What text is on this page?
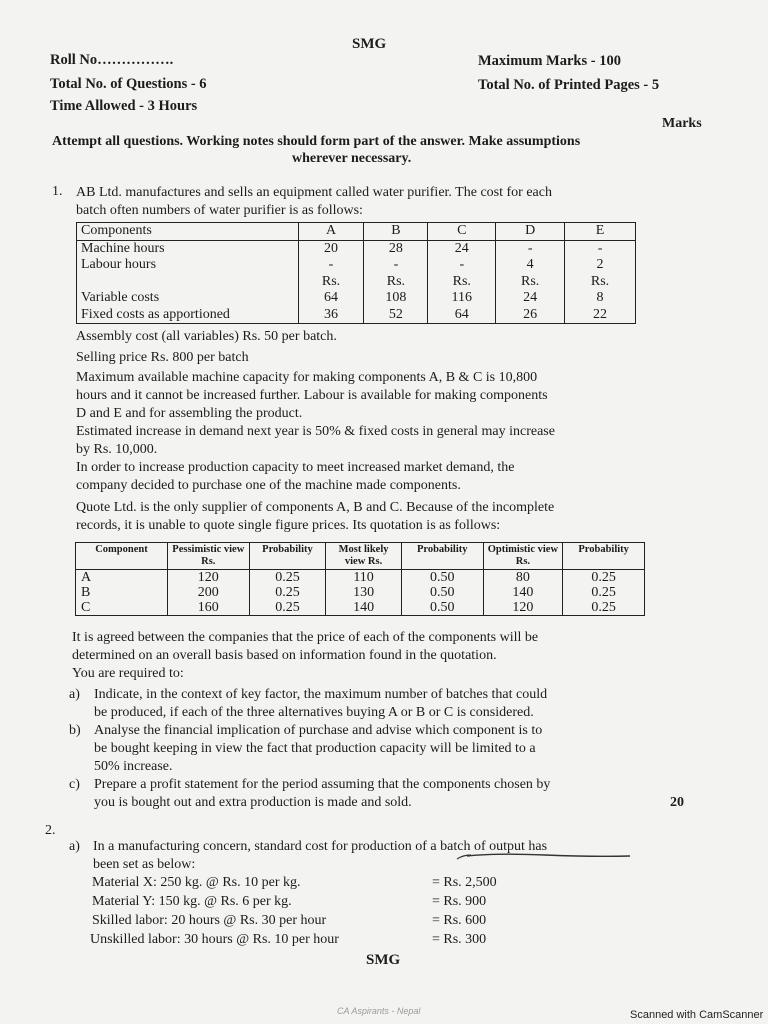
SMG
Roll No…………….	Maximum Marks - 100
Total No. of Questions - 6	Total No. of Printed Pages - 5
Time Allowed - 3 Hours
Marks
Attempt all questions. Working notes should form part of the answer. Make assumptions
wherever necessary.
1. AB Ltd. manufactures and sells an equipment called water purifier. The cost for each
batch often numbers of water purifier is as follows:
Components	A	B	C	D	E
Machine hours	20	28	24	-	-
Labour hours	-	-	-	4	2
	Rs.	Rs.	Rs.	Rs.	Rs.
Variable costs	64	108	116	24	8
Fixed costs as apportioned	36	52	64	26	22
Assembly cost (all variables) Rs. 50 per batch.
Selling price Rs. 800 per batch
Maximum available machine capacity for making components A, B & C is 10,800
hours and it cannot be increased further. Labour is available for making components
D and E and for assembling the product.
Estimated increase in demand next year is 50% & fixed costs in general may increase
by Rs. 10,000.
In order to increase production capacity to meet increased market demand, the
company decided to purchase one of the machine made components.
Quote Ltd. is the only supplier of components A, B and C. Because of the incomplete
records, it is unable to quote single figure prices. Its quotation is as follows:
Component	Pessimistic view Rs.	Probability	Most likely view Rs.	Probability	Optimistic view Rs.	Probability
A	120	0.25	110	0.50	80	0.25
B	200	0.25	130	0.50	140	0.25
C	160	0.25	140	0.50	120	0.25
It is agreed between the companies that the price of each of the components will be
determined on an overall basis based on information found in the quotation.
You are required to:
a) Indicate, in the context of key factor, the maximum number of batches that could
be produced, if each of the three alternatives buying A or B or C is considered.
b) Analyse the financial implication of purchase and advise which component is to
be bought keeping in view the fact that production capacity will be limited to a
50% increase.
c) Prepare a profit statement for the period assuming that the components chosen by
you is bought out and extra production is made and sold.	20
2.
a) In a manufacturing concern, standard cost for production of a batch of output has
been set as below:
Material X: 250 kg. @ Rs. 10 per kg.	= Rs. 2,500
Material Y: 150 kg. @ Rs. 6 per kg.	= Rs. 900
Skilled labor: 20 hours @ Rs. 30 per hour	= Rs. 600
Unskilled labor: 30 hours @ Rs. 10 per hour	= Rs. 300
SMG
CA Aspirants - Nepal	Scanned with CamScanner
